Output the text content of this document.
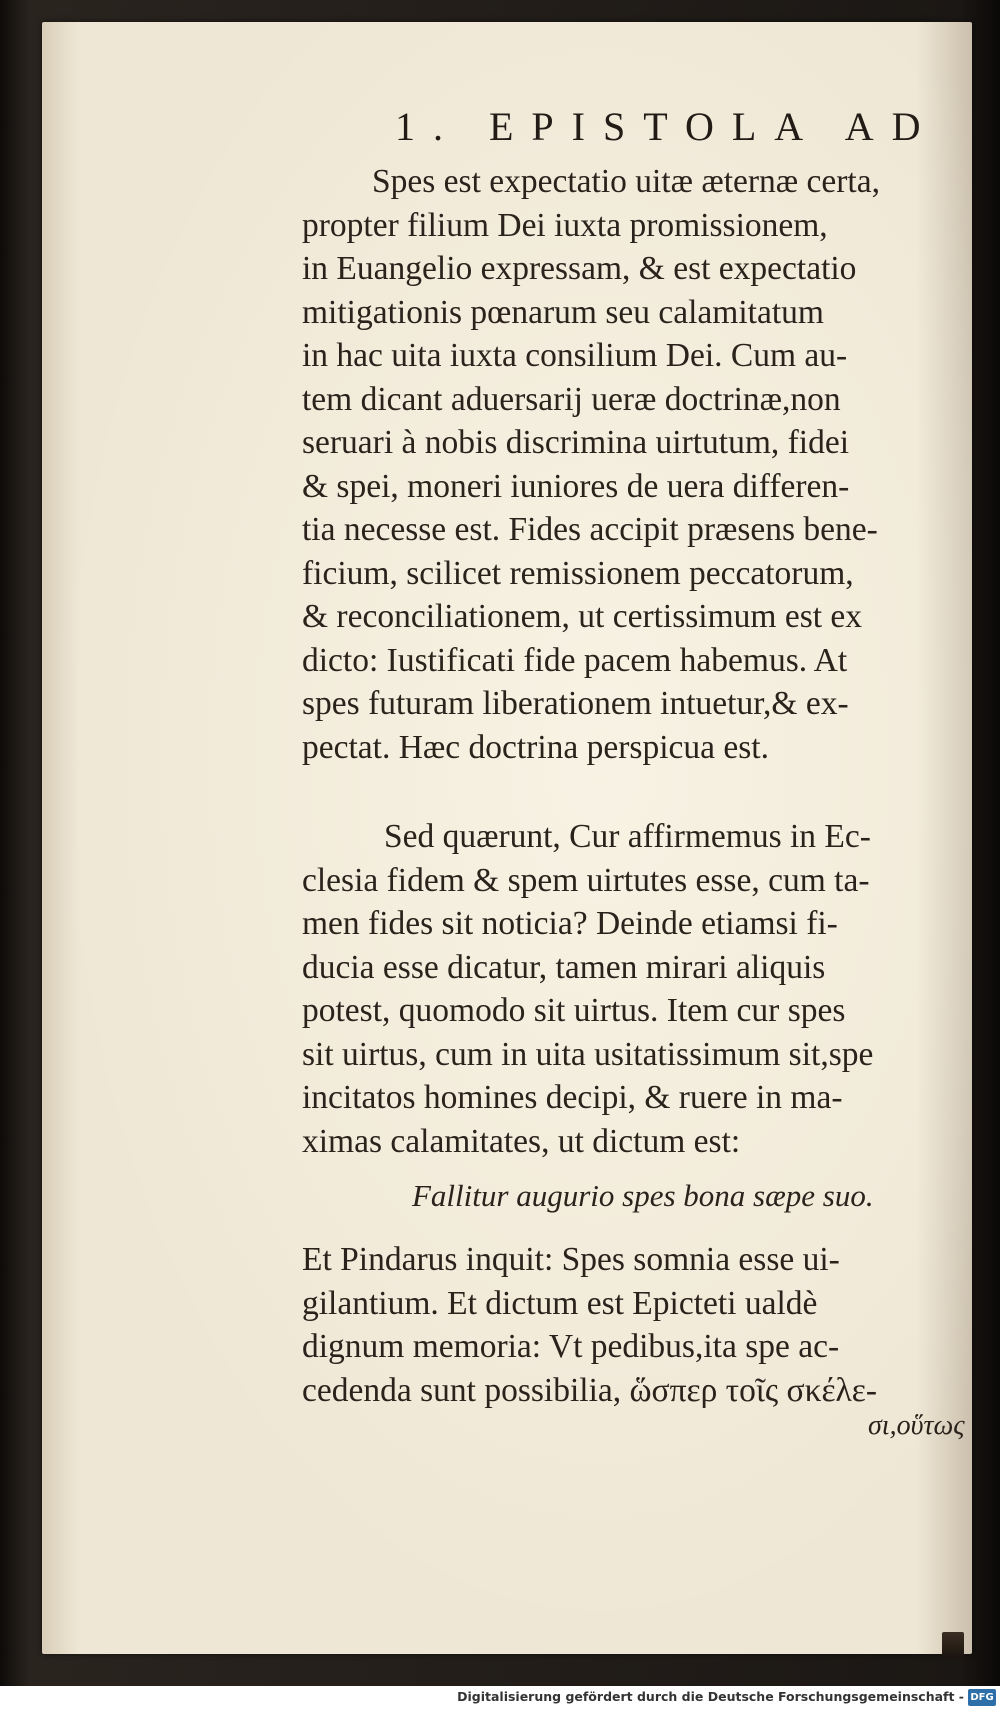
1. EPISTOLA AD
Spes est expectatio uitæ æternæ certa,
propter filium Dei iuxta promissionem,
in Euangelio expressam, & est expectatio
mitigationis pœnarum seu calamitatum
in hac uita iuxta consilium Dei. Cum au-
tem dicant aduersarij ueræ doctrinæ,non
seruari à nobis discrimina uirtutum, fidei
& spei, moneri iuniores de uera differen-
tia necesse est. Fides accipit præsens bene-
ficium, scilicet remissionem peccatorum,
& reconciliationem, ut certissimum est ex
dicto: Iustificati fide pacem habemus. At
spes futuram liberationem intuetur,& ex-
pectat. Hæc doctrina perspicua est.
Sed quærunt, Cur affirmemus in Ec-
clesia fidem & spem uirtutes esse, cum ta-
men fides sit noticia? Deinde etiamsi fi-
ducia esse dicatur, tamen mirari aliquis
potest, quomodo sit uirtus. Item cur spes
sit uirtus, cum in uita usitatissimum sit,spe
incitatos homines decipi, & ruere in ma-
ximas calamitates, ut dictum est:

Fallitur augurio spes bona sæpe suo.

Et Pindarus inquit: Spes somnia esse ui-
gilantium. Et dictum est Epicteti ualdè
dignum memoria: Vt pedibus,ita spe ac-
cedenda sunt possibilia, ὥσπερ τοῖς σκέλε-

σι,οὕτως

Digitalisierung gefördert durch die Deutsche Forschungsgemeinschaft - DFG
